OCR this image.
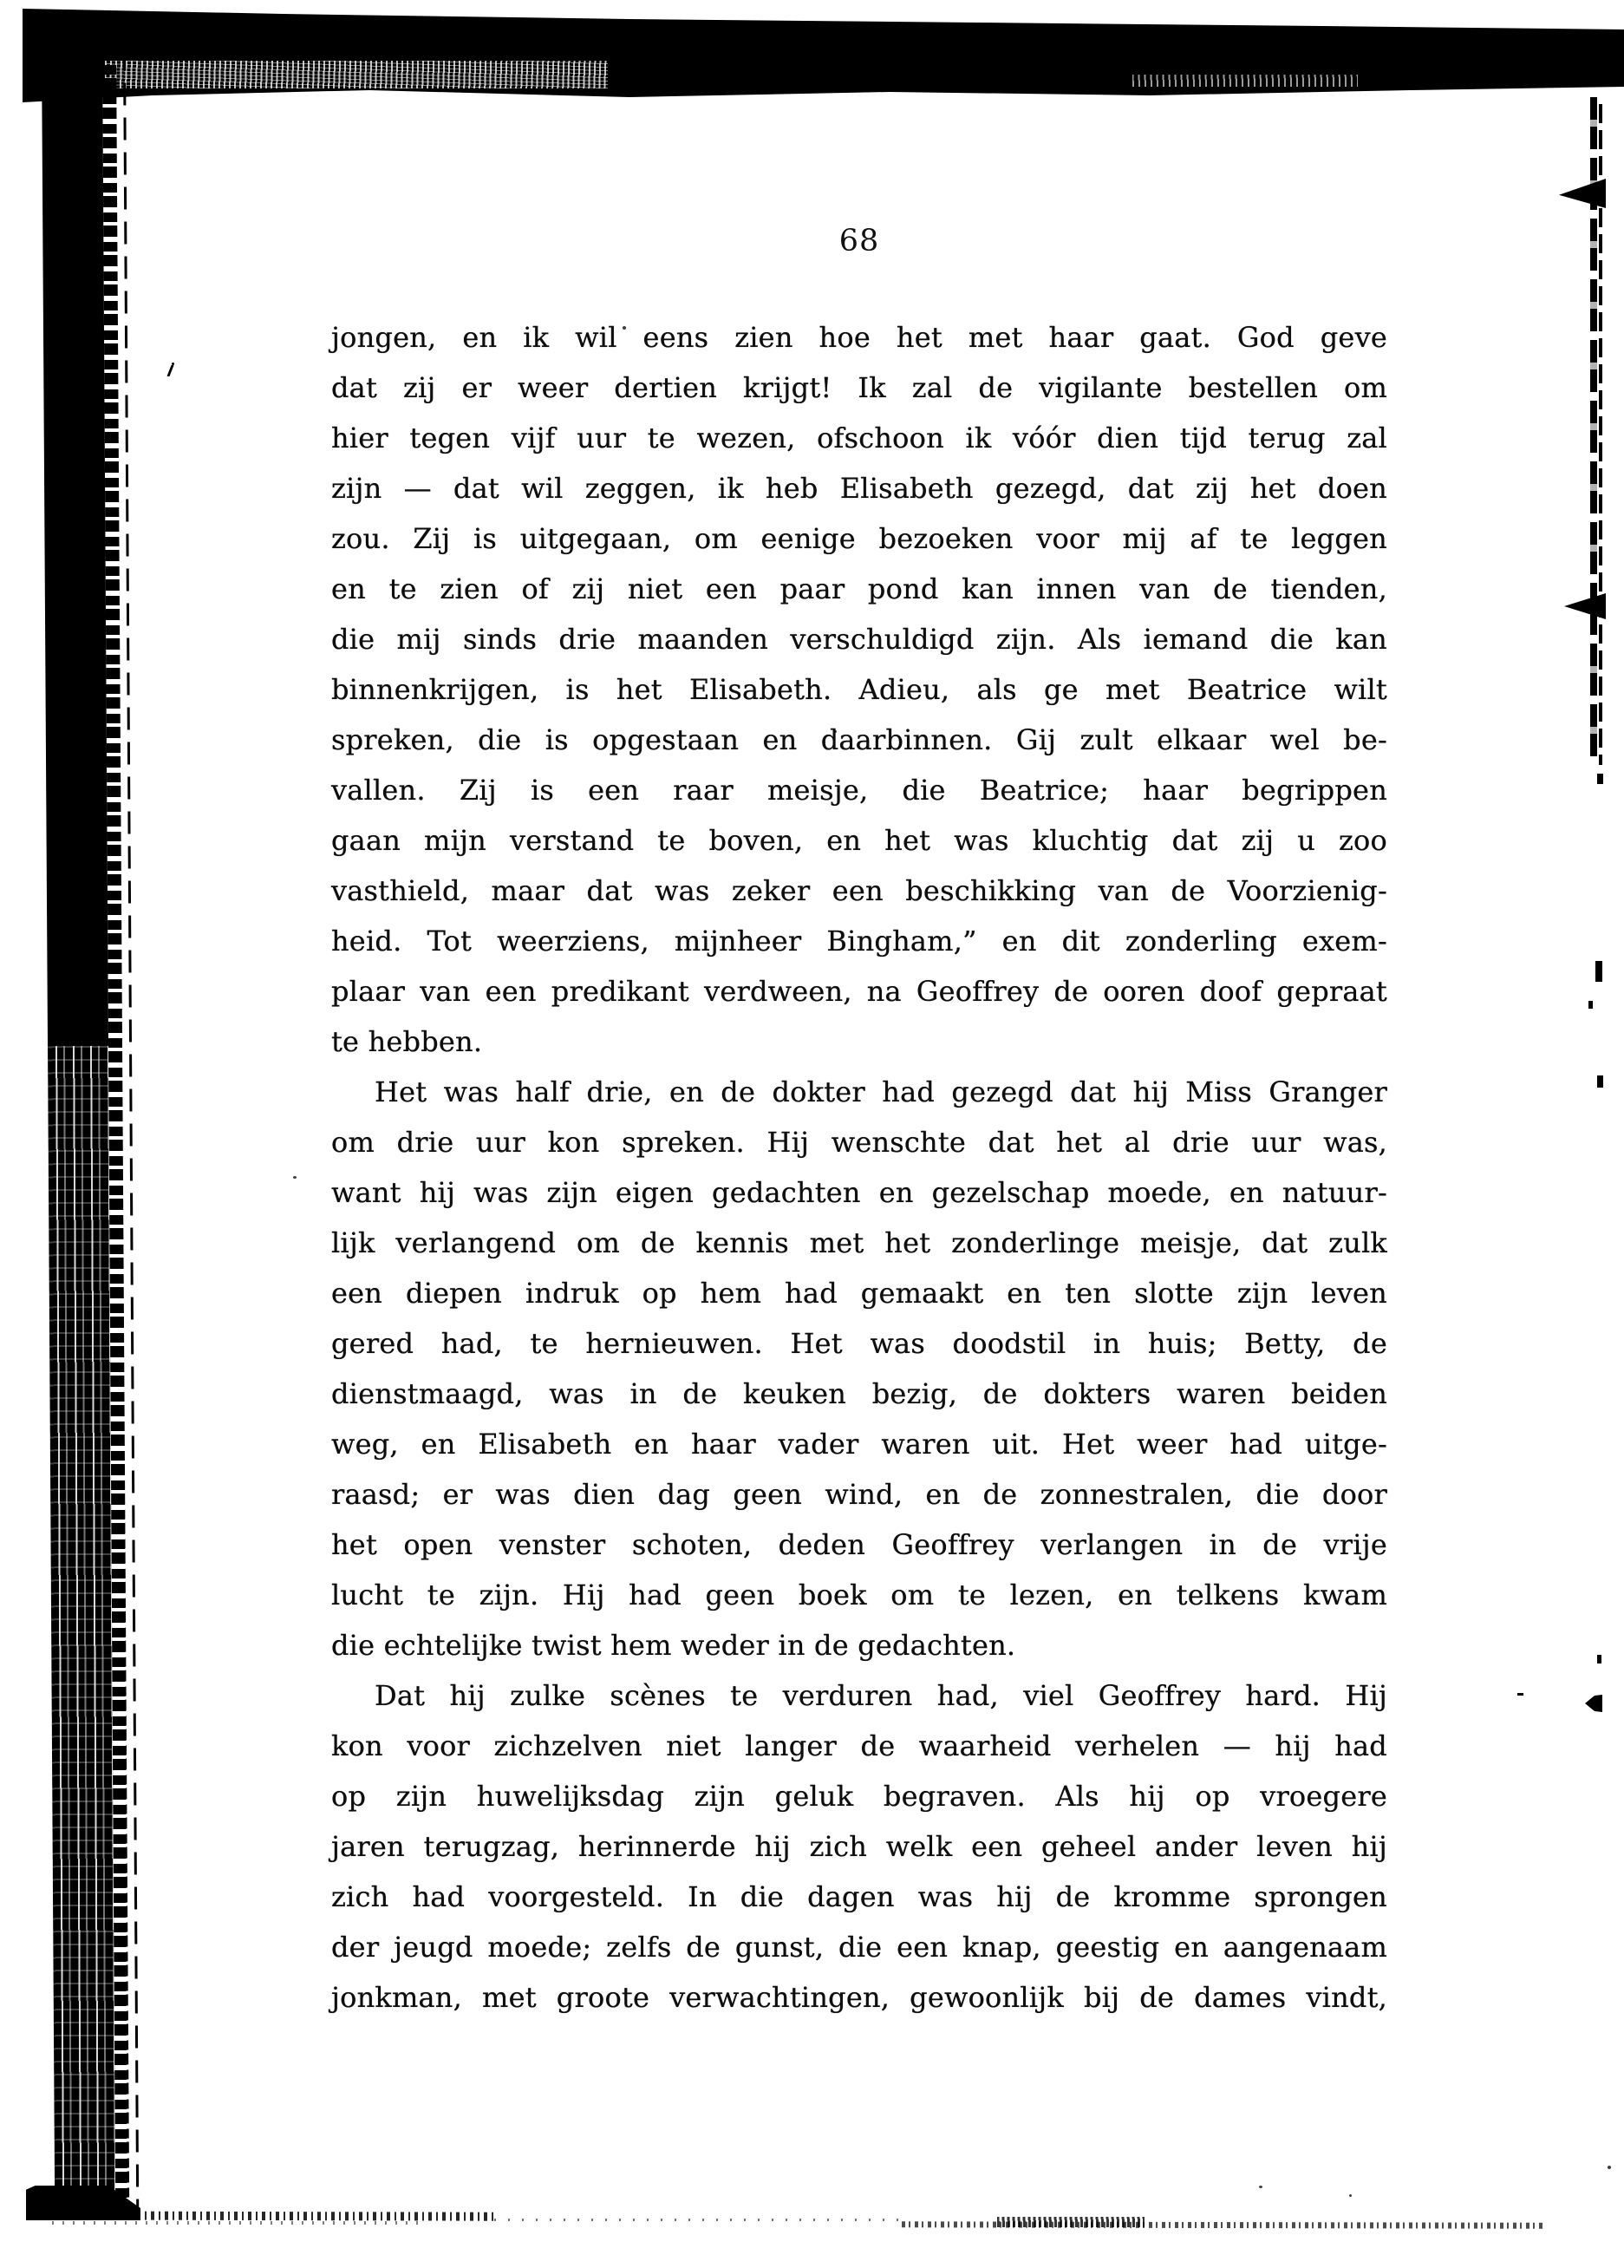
68
jongen, en ik wil eens zien hoe het met haar gaat. God geve
dat zij er weer dertien krijgt! Ik zal de vigilante bestellen om
hier tegen vijf uur te wezen, ofschoon ik vóór dien tijd terug zal
zijn — dat wil zeggen, ik heb Elisabeth gezegd, dat zij het doen
zou. Zij is uitgegaan, om eenige bezoeken voor mij af te leggen
en te zien of zij niet een paar pond kan innen van de tienden,
die mij sinds drie maanden verschuldigd zijn. Als iemand die kan
binnenkrijgen, is het Elisabeth. Adieu, als ge met Beatrice wilt
spreken, die is opgestaan en daarbinnen. Gij zult elkaar wel be-
vallen. Zij is een raar meisje, die Beatrice; haar begrippen
gaan mijn verstand te boven, en het was kluchtig dat zij u zoo
vasthield, maar dat was zeker een beschikking van de Voorzienig-
heid. Tot weerziens, mijnheer Bingham,” en dit zonderling exem-
plaar van een predikant verdween, na Geoffrey de ooren doof gepraat
te hebben.
Het was half drie, en de dokter had gezegd dat hij Miss Granger
om drie uur kon spreken. Hij wenschte dat het al drie uur was,
want hij was zijn eigen gedachten en gezelschap moede, en natuur-
lijk verlangend om de kennis met het zonderlinge meisje, dat zulk
een diepen indruk op hem had gemaakt en ten slotte zijn leven
gered had, te hernieuwen. Het was doodstil in huis; Betty, de
dienstmaagd, was in de keuken bezig, de dokters waren beiden
weg, en Elisabeth en haar vader waren uit. Het weer had uitge-
raasd; er was dien dag geen wind, en de zonnestralen, die door
het open venster schoten, deden Geoffrey verlangen in de vrije
lucht te zijn. Hij had geen boek om te lezen, en telkens kwam
die echtelijke twist hem weder in de gedachten.
Dat hij zulke scènes te verduren had, viel Geoffrey hard. Hij
kon voor zichzelven niet langer de waarheid verhelen — hij had
op zijn huwelijksdag zijn geluk begraven. Als hij op vroegere
jaren terugzag, herinnerde hij zich welk een geheel ander leven hij
zich had voorgesteld. In die dagen was hij de kromme sprongen
der jeugd moede; zelfs de gunst, die een knap, geestig en aangenaam
jonkman, met groote verwachtingen, gewoonlijk bij de dames vindt,
